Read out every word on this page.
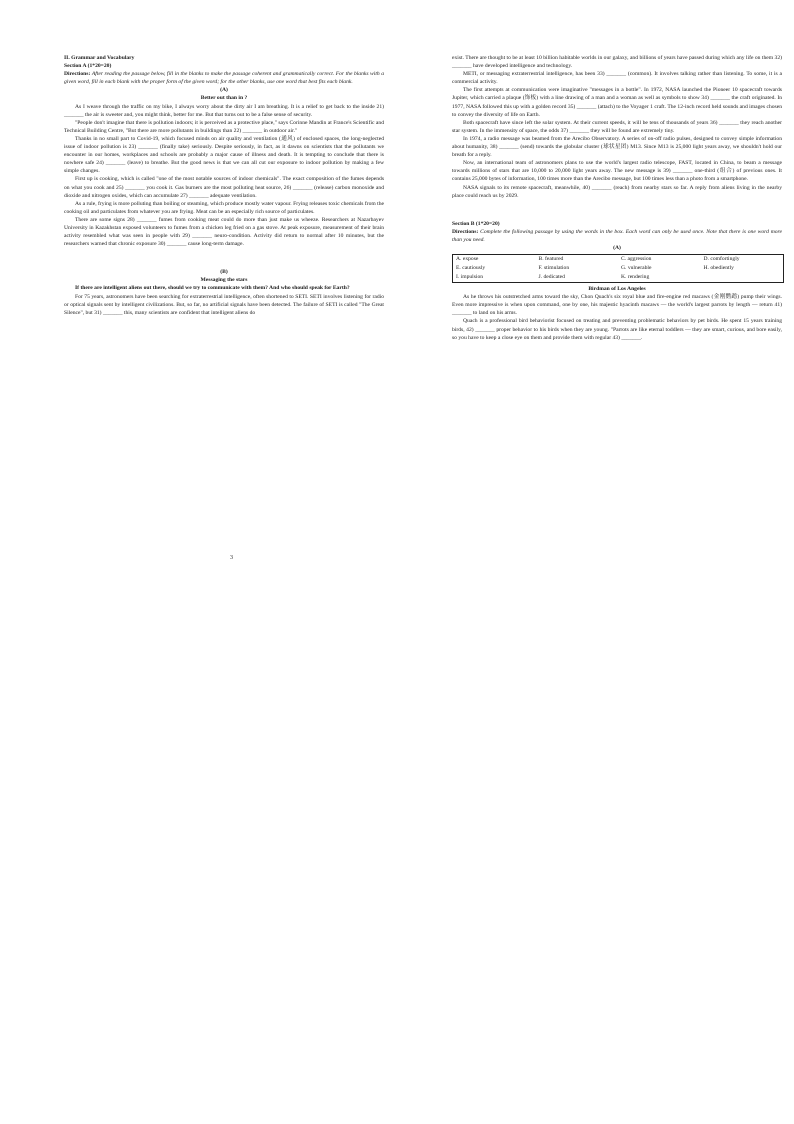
II. Grammar and Vocabulary

Section A (1*20=20)

Directions: After reading the passage below, fill in the blanks to make the passage coherent and grammatically correct. For the blanks with a given word, fill in each blank with the proper form of the given word; for the other blanks, use one word that best fits each blank.

(A)

Better out than in ?

As I weave through the traffic on my bike, I always worry about the dirty air I am breathing. It is a relief to get back to the inside 21) _______ the air is sweeter and, you might think, better for me. But that turns out to be a false sense of security.

"People don't imagine that there is pollution indoors; it is perceived as a protective place," says Corinne Mandin at France's Scientific and Technical Building Centre, "But there are more pollutants in buildings than 22) _______ in outdoor air."

Thanks in no small part to Covid-19, which focused minds on air quality and ventilation (通风) of enclosed spaces, the long-neglected issue of indoor pollution is 23) _______ (finally take) seriously. Despite seriously, in fact, as it dawns on scientists that the pollutants we encounter in our homes, workplaces and schools are probably a major cause of illness and death. It is tempting to conclude that there is nowhere safe 24) _______ (leave) to breathe. But the good news is that we can all cut our exposure to indoor pollution by making a few simple changes.

First up is cooking, which is called "one of the most notable sources of indoor chemicals". The exact composition of the fumes depends on what you cook and 25) _______ you cook it. Gas burners are the most polluting heat source, 26) _______ (release) carbon monoxide and dioxide and nitrogen oxides, which can accumulate 27) _______ adequate ventilation.

As a rule, frying is more polluting than boiling or steaming, which produce mostly water vapour. Frying releases toxic chemicals from the cooking oil and particulates from whatever you are frying. Meat can be an especially rich source of particulates.

There are some signs 28) _______ fumes from cooking meat could do more than just make us wheeze. Researchers at Nazarbayev University in Kazakhstan exposed volunteers to fumes from a chicken leg fried on a gas stove. At peak exposure, measurement of their brain activity resembled what was seen in people with 29) _______ neuro-condition. Activity did return to normal after 10 minutes, but the researchers warned that chronic exposure 30) _______ cause long-term damage.

(B)

Messaging the stars

If there are intelligent aliens out there, should we try to communicate with them? And who should speak for Earth?

For 75 years, astronomers have been searching for extraterrestrial intelligence, often shortened to SETI. SETI involves listening for radio or optical signals sent by intelligent civilizations. But, so far, no artificial signals have been detected. The failure of SETI is called "The Great Silence", but 31) _______ this, many scientists are confident that intelligent aliens do

3

exist. There are thought to be at least 10 billion habitable worlds in our galaxy, and billions of years have passed during which any life on them 32) _______ have developed intelligence and technology.

METI, or messaging extraterrestrial intelligence, has been 33) _______ (common). It involves talking rather than listening. To some, it is a commercial activity.

The first attempts at communication were imaginative "messages in a bottle". In 1972, NASA launched the Pioneer 10 spacecraft towards Jupiter, which carried a plaque (饰板) with a line drawing of a man and a woman as well as symbols to show 34) _______ the craft originated. In 1977, NASA followed this up with a golden record 35) _______ (attach) to the Voyager 1 craft. The 12-inch record held sounds and images chosen to convey the diversity of life on Earth.

Both spacecraft have since left the solar system. At their current speeds, it will be tens of thousands of years 36) _______ they reach another star system. In the immensity of space, the odds 37) _______ they will be found are extremely tiny.

In 1974, a radio message was beamed from the Arecibo Observatory. A series of on-off radio pulses, designed to convey simple information about humanity, 38) _______ (send) towards the globular cluster (球状星团) M13. Since M13 is 25,000 light years away, we shouldn't hold our breath for a reply.

Now, an international team of astronomers plans to use the world's largest radio telescope, FAST, located in China, to beam a message towards millions of stars that are 10,000 to 20,000 light years away. The new message is 39) _______ one-third (组合) of previous ones. It contains 25,000 bytes of information, 100 times more than the Arecibo message, but 100 times less than a photo from a smartphone.

NASA signals to its remote spacecraft, meanwhile, 40) _______ (reach) from nearby stars so far. A reply from aliens living in the nearby place could reach us by 2029.

Section B (1*20=20)

Directions: Complete the following passage by using the words in the box. Each word can only be used once. Note that there is one word more than you need.

(A)

A. expose	B. featured	C. aggression	D. comfortingly
E. cautiously	F. stimulation	G. vulnerable	H. obediently
I. impulsion	J. dedicated	K. rendering

Birdman of Los Angeles

As he throws his outstretched arms toward the sky, Chon Quach's six royal blue and fire-engine red macaws (金刚鹦鹉) pump their wings. Even more impressive is when upon command, one by one, his majestic hyacinth macaws — the world's largest parrots by length — return 41) _______ to land on his arms.

Quach is a professional bird behaviorist focused on treating and preventing problematic behaviors by pet birds. He spent 15 years training birds, 42) _______ proper behavior to his birds when they are young. "Parrots are like eternal toddlers — they are smart, curious, and bore easily, so you have to keep a close eye on them and provide them with regular 43) _______.
